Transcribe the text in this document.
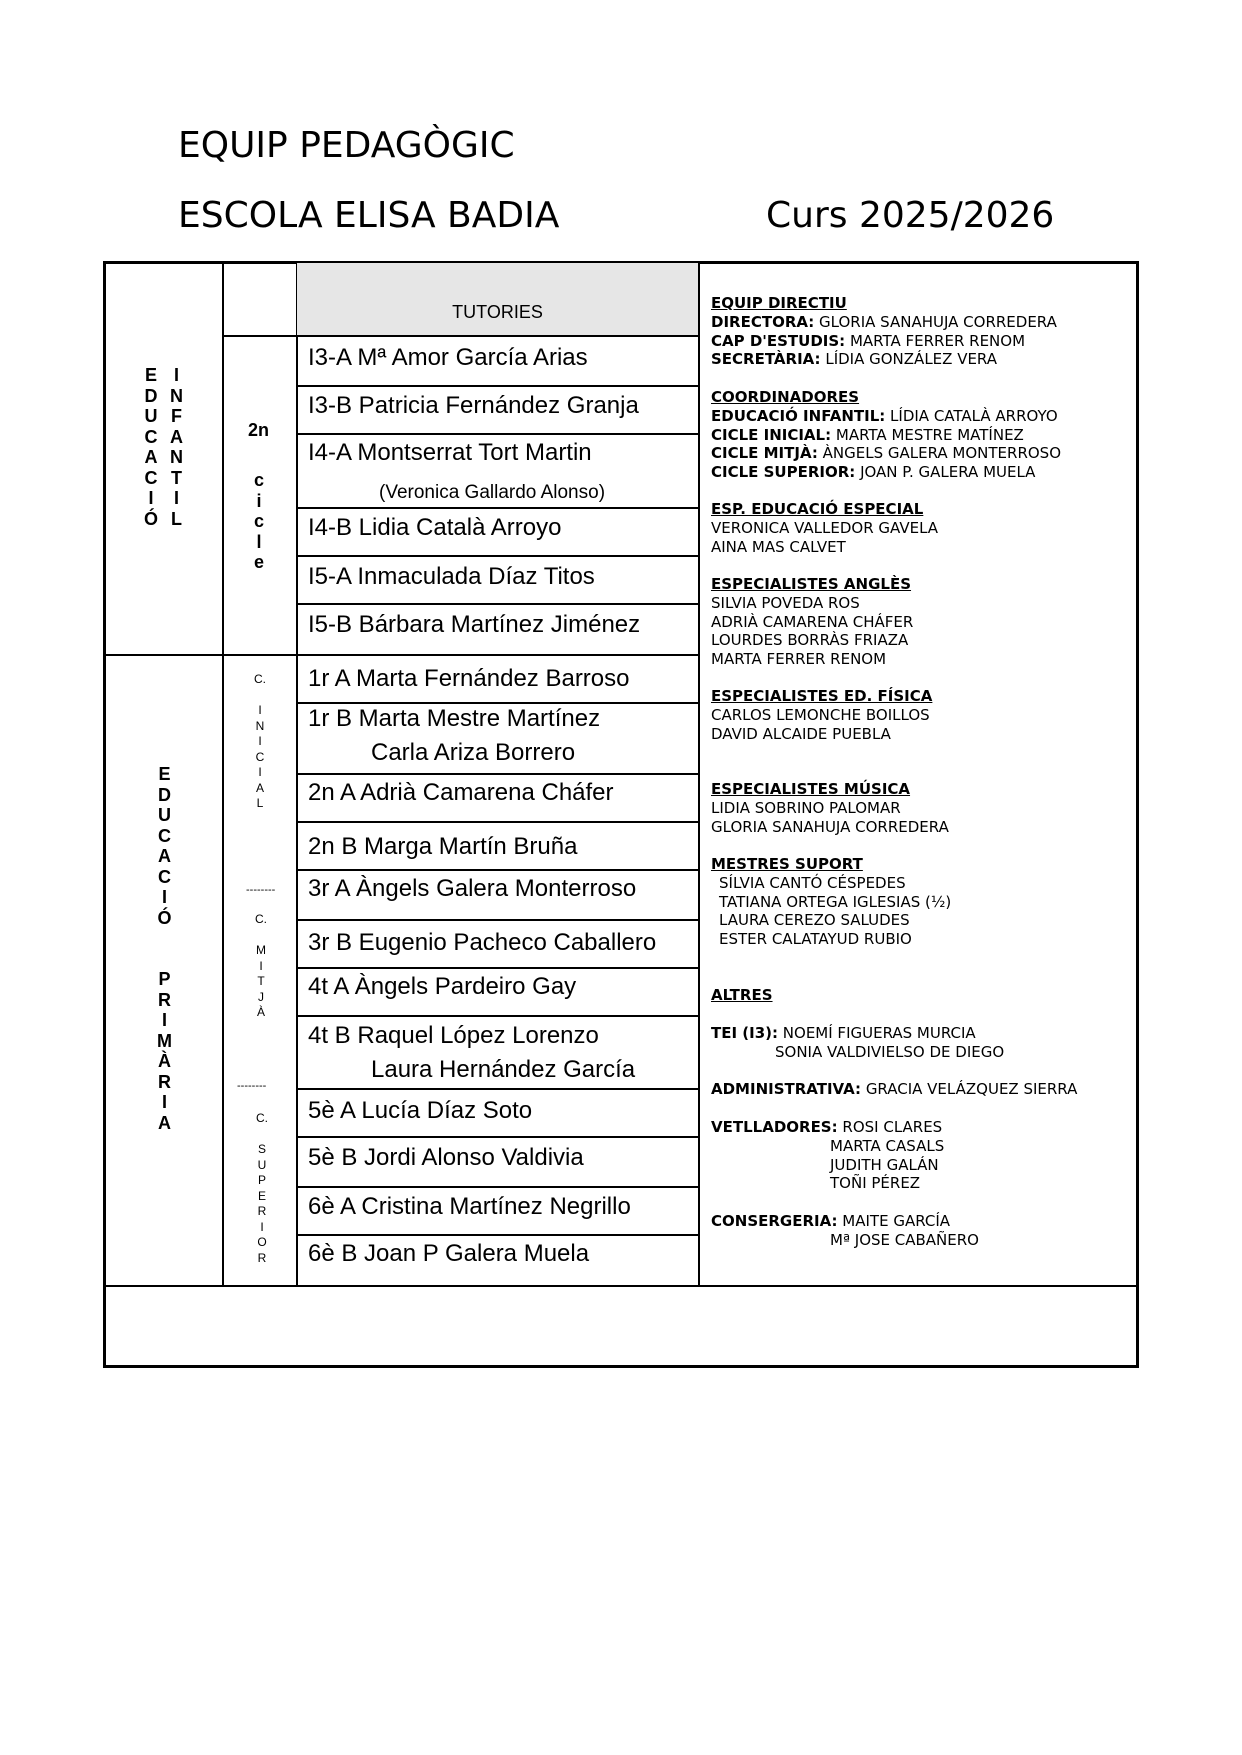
EQUIP PEDAGÒGIC
ESCOLA ELISA BADIA	Curs 2025/2026
TUTORIES
E
D
U
C
A
C
I
Ó
I
N
F
A
N
T
I
L
2n
c
i
c
l
e
E
D
U
C
A
C
I
Ó

P
R
I
M
À
R
I
A
C.

I
N
I
C
I
A
L
--------
C.

M
I
T
J
À
--------
C.

S
U
P
E
R
I
O
R
I3-A Mª Amor García Arias
I3-B Patricia Fernández Granja
I4-A Montserrat Tort Martin
(Veronica Gallardo Alonso)
I4-B Lidia Català Arroyo
I5-A Inmaculada Díaz Titos
I5-B Bárbara Martínez Jiménez
1r A Marta Fernández Barroso
1r B Marta Mestre Martínez
Carla Ariza Borrero
2n A Adrià Camarena Cháfer
2n B Marga Martín Bruña
3r A Àngels Galera Monterroso
3r B Eugenio Pacheco Caballero
4t A Àngels Pardeiro Gay
4t B Raquel López Lorenzo
Laura Hernández García
5è A Lucía Díaz Soto
5è B Jordi Alonso Valdivia
6è A Cristina Martínez Negrillo
6è B Joan P Galera Muela
EQUIP DIRECTIU
DIRECTORA: GLORIA SANAHUJA CORREDERA
CAP D'ESTUDIS: MARTA FERRER RENOM
SECRETÀRIA: LÍDIA GONZÁLEZ VERA
COORDINADORES
EDUCACIÓ INFANTIL: LÍDIA CATALÀ ARROYO
CICLE INICIAL: MARTA MESTRE MATÍNEZ
CICLE MITJÀ: ÀNGELS GALERA MONTERROSO
CICLE SUPERIOR: JOAN P. GALERA MUELA
ESP. EDUCACIÓ ESPECIAL
VERONICA VALLEDOR GAVELA
AINA MAS CALVET
ESPECIALISTES ANGLÈS
SILVIA POVEDA ROS
ADRIÀ CAMARENA CHÁFER
LOURDES BORRÀS FRIAZA
MARTA FERRER RENOM
ESPECIALISTES ED. FÍSICA
CARLOS LEMONCHE BOILLOS
DAVID ALCAIDE PUEBLA
ESPECIALISTES MÚSICA
LIDIA SOBRINO PALOMAR
GLORIA SANAHUJA CORREDERA
MESTRES SUPORT
SÍLVIA CANTÓ CÉSPEDES
TATIANA ORTEGA IGLESIAS (½)
LAURA CEREZO SALUDES
ESTER CALATAYUD RUBIO
ALTRES
TEI (I3): NOEMÍ FIGUERAS MURCIA
SONIA VALDIVIELSO DE DIEGO
ADMINISTRATIVA: GRACIA VELÁZQUEZ SIERRA
VETLLADORES: ROSI CLARES
MARTA CASALS
JUDITH GALÁN
TOÑI PÉREZ
CONSERGERIA: MAITE GARCÍA
Mª JOSE CABAÑERO
